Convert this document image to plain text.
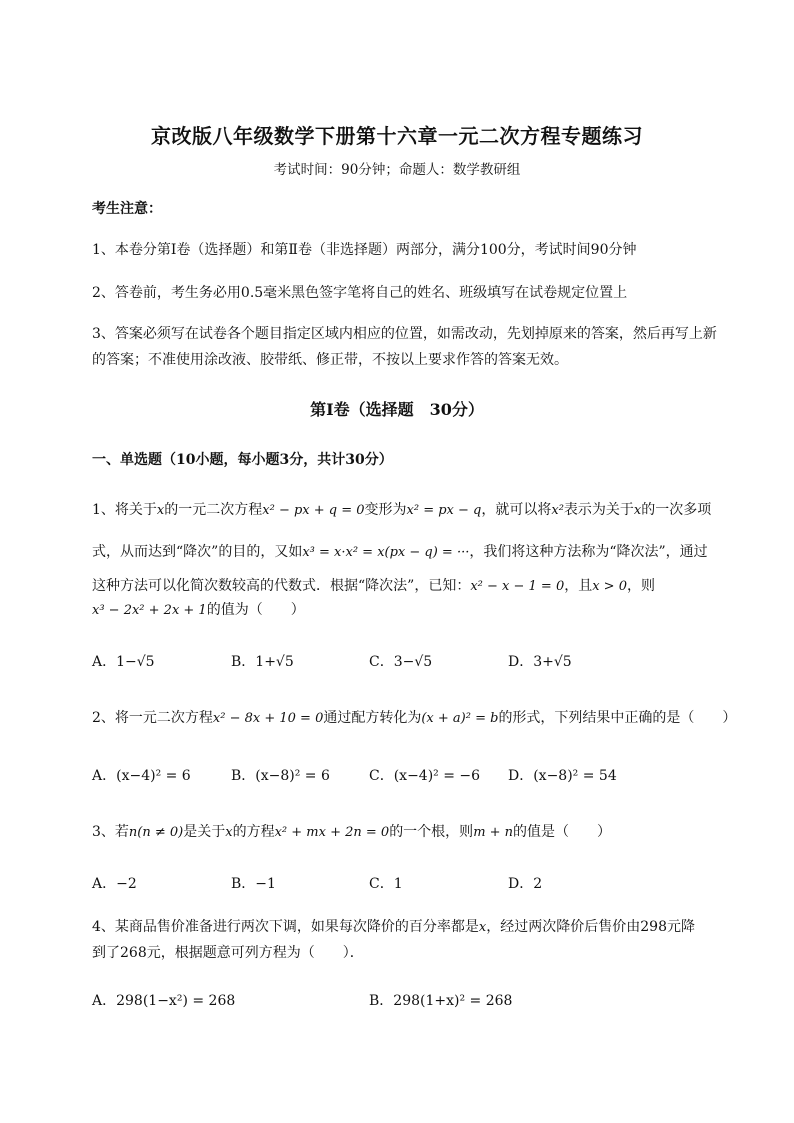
京改版八年级数学下册第十六章一元二次方程专题练习
考试时间：90分钟；命题人：数学教研组
考生注意：
1、本卷分第Ⅰ卷（选择题）和第Ⅱ卷（非选择题）两部分，满分100分，考试时间90分钟
2、答卷前，考生务必用0.5毫米黑色签字笔将自己的姓名、班级填写在试卷规定位置上
3、答案必须写在试卷各个题目指定区域内相应的位置，如需改动，先划掉原来的答案，然后再写上新
的答案；不准使用涂改液、胶带纸、修正带，不按以上要求作答的答案无效。
第Ⅰ卷（选择题　30分）
一、单选题（10小题，每小题3分，共计30分）
1、将关于x的一元二次方程x² − px + q = 0变形为x² = px − q，就可以将x²表示为关于x的一次多项
式，从而达到“降次”的目的，又如x³ = x·x² = x(px − q) = ···，我们将这种方法称为“降次法”，通过
这种方法可以化简次数较高的代数式．根据“降次法”，已知：x² − x − 1 = 0，且x > 0，则
x³ − 2x² + 2x + 1的值为（　　）
A．1−√5	B．1+√5	C．3−√5	D．3+√5
2、将一元二次方程x² − 8x + 10 = 0通过配方转化为(x + a)² = b的形式，下列结果中正确的是（　　）
A．(x−4)² = 6	B．(x−8)² = 6	C．(x−4)² = −6 D．(x−8)² = 54
3、若n(n ≠ 0)是关于x的方程x² + mx + 2n = 0的一个根，则m + n的值是（　　）
A．−2	B．−1	C．1	D．2
4、某商品售价准备进行两次下调，如果每次降价的百分率都是x，经过两次降价后售价由298元降
到了268元，根据题意可列方程为（　　）．
A．298(1−x²) = 268	B．298(1+x)² = 268
